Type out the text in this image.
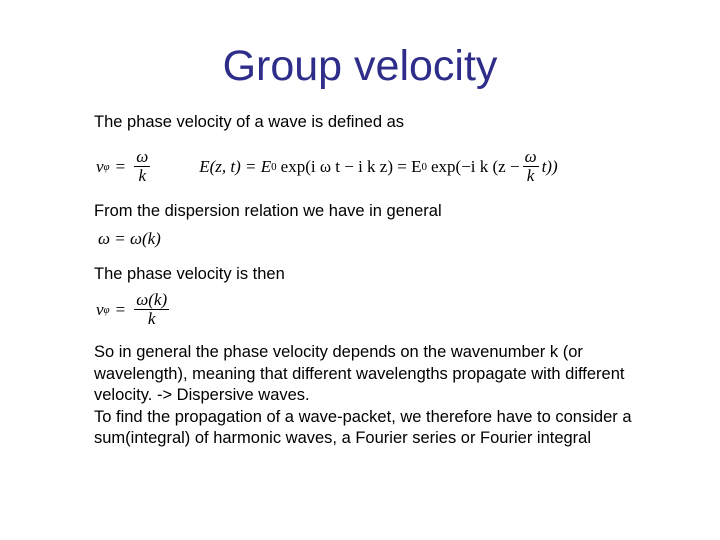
Group velocity
The phase velocity of a wave is defined as
v $\varphi = \frac{\omega}{k}$	E(z, t) = E 0 exp(i ω t − i k z) = E 0 exp(−i k $(z - \frac{\omega}{k} t)$)
From the dispersion relation we have in general
ω = ω(k)
The phase velocity is then
v $\varphi = \frac{\omega(k)}{k}$
So in general the phase velocity depends on the wavenumber k (or
wavelength), meaning that different wavelengths propagate with different
velocity. -> Dispersive waves.
To find the propagation of a wave-packet, we therefore have to consider a
sum(integral) of harmonic waves, a Fourier series or Fourier integral
